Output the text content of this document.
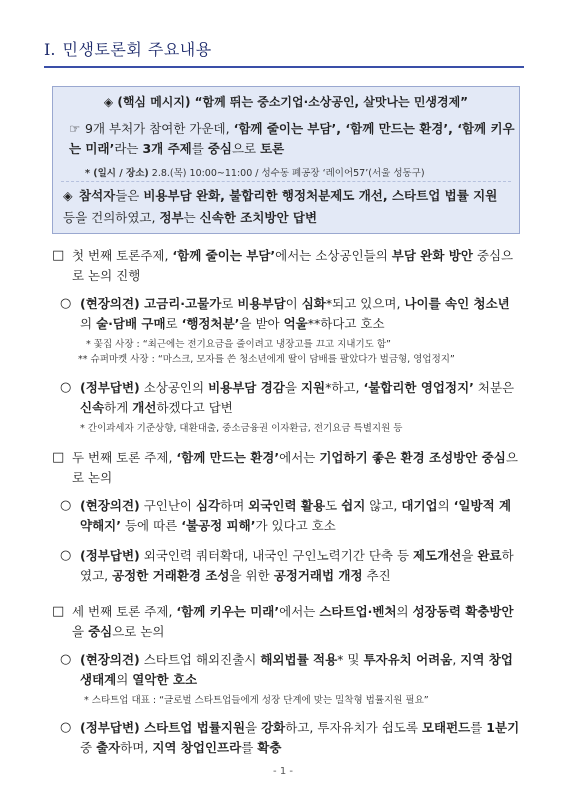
Ⅰ. 민생토론회 주요내용
◈ (핵심 메시지) “함께 뛰는 중소기업·소상공인, 살맛나는 민생경제”
☞ 9개 부처가 참여한 가운데, ‘함께 줄이는 부담’, ‘함께 만드는 환경’, ‘함께 키우는 미래’라는 3개 주제를 중심으로 토론
* (일시 / 장소) 2.8.(목) 10:00~11:00 / 성수동 폐공장 ‘레이어57’(서울 성동구)
◈ 참석자들은 비용부담 완화, 불합리한 행정처분제도 개선, 스타트업 법률 지원 등을 건의하였고, 정부는 신속한 조치방안 답변
□ 첫 번째 토론주제, ‘함께 줄이는 부담’에서는 소상공인들의 부담 완화 방안 중심으로 논의 진행
○ (현장의견) 고금리·고물가로 비용부담이 심화*되고 있으며, 나이를 속인 청소년의 술·담배 구매로 ‘행정처분’을 받아 억울**하다고 호소
* 꽃집 사장 : “최근에는 전기요금을 줄이려고 냉장고를 끄고 지내기도 함”
** 슈퍼마켓 사장 : “마스크, 모자를 쓴 청소년에게 딸이 담배를 팔았다가 벌금형, 영업정지”
○ (정부답변) 소상공인의 비용부담 경감을 지원*하고, ‘불합리한 영업정지’ 처분은 신속하게 개선하겠다고 답변
* 간이과세자 기준상향, 대환대출, 중소금융권 이자환급, 전기요금 특별지원 등
□ 두 번째 토론 주제, ‘함께 만드는 환경’에서는 기업하기 좋은 환경 조성방안 중심으로 논의
○ (현장의견) 구인난이 심각하며 외국인력 활용도 쉽지 않고, 대기업의 ‘일방적 계약해지’ 등에 따른 ‘불공정 피해’가 있다고 호소
○ (정부답변) 외국인력 쿼터확대, 내국인 구인노력기간 단축 등 제도개선을 완료하였고, 공정한 거래환경 조성을 위한 공정거래법 개정 추진
□ 세 번째 토론 주제, ‘함께 키우는 미래’에서는 스타트업·벤처의 성장동력 확충방안을 중심으로 논의
○ (현장의견) 스타트업 해외진출시 해외법률 적용* 및 투자유치 어려움, 지역 창업 생태계의 열악한 호소
* 스타트업 대표 : “글로벌 스타트업들에게 성장 단계에 맞는 밀착형 법률지원 필요”
○ (정부답변) 스타트업 법률지원을 강화하고, 투자유치가 쉽도록 모태펀드를 1분기 중 출자하며, 지역 창업인프라를 확충
- 1 -
